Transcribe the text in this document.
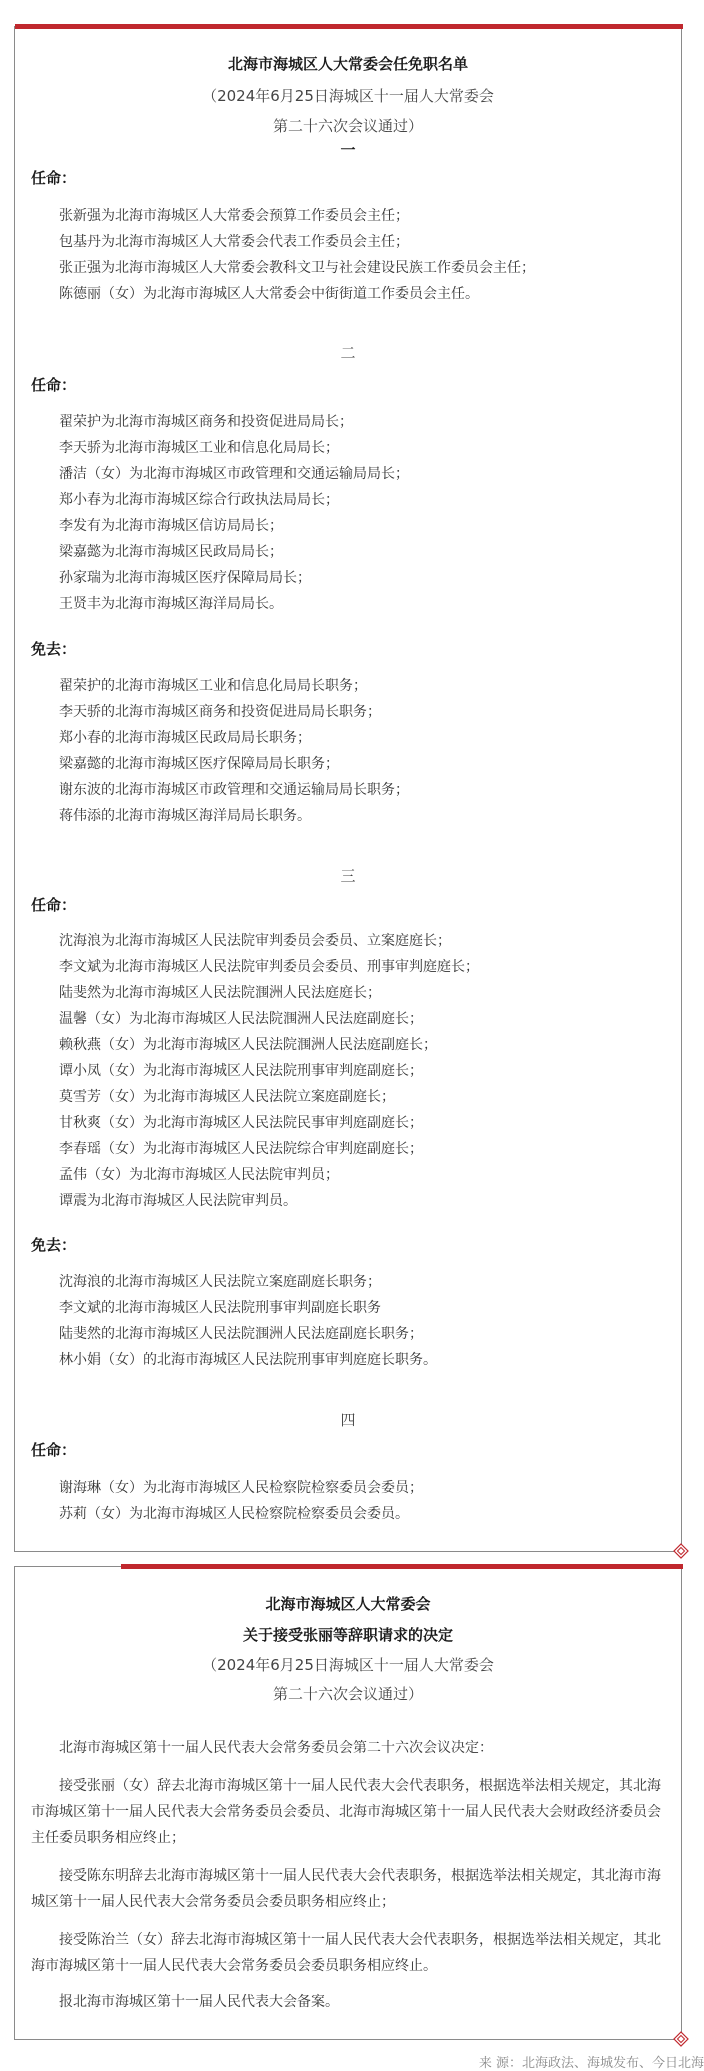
北海市海城区人大常委会任免职名单
（2024年6月25日海城区十一届人大常委会
第二十六次会议通过）
一
任命：
张新强为北海市海城区人大常委会预算工作委员会主任；
包基丹为北海市海城区人大常委会代表工作委员会主任；
张正强为北海市海城区人大常委会教科文卫与社会建设民族工作委员会主任；
陈德丽（女）为北海市海城区人大常委会中街街道工作委员会主任。
二
任命：
翟荣护为北海市海城区商务和投资促进局局长；
李天骄为北海市海城区工业和信息化局局长；
潘洁（女）为北海市海城区市政管理和交通运输局局长；
郑小春为北海市海城区综合行政执法局局长；
李发有为北海市海城区信访局局长；
梁嘉懿为北海市海城区民政局局长；
孙家瑞为北海市海城区医疗保障局局长；
王贤丰为北海市海城区海洋局局长。
免去：
翟荣护的北海市海城区工业和信息化局局长职务；
李天骄的北海市海城区商务和投资促进局局长职务；
郑小春的北海市海城区民政局局长职务；
梁嘉懿的北海市海城区医疗保障局局长职务；
谢东波的北海市海城区市政管理和交通运输局局长职务；
蒋伟添的北海市海城区海洋局局长职务。
三
任命：
沈海浪为北海市海城区人民法院审判委员会委员、立案庭庭长；
李文斌为北海市海城区人民法院审判委员会委员、刑事审判庭庭长；
陆斐然为北海市海城区人民法院涠洲人民法庭庭长；
温馨（女）为北海市海城区人民法院涠洲人民法庭副庭长；
赖秋燕（女）为北海市海城区人民法院涠洲人民法庭副庭长；
谭小凤（女）为北海市海城区人民法院刑事审判庭副庭长；
莫雪芳（女）为北海市海城区人民法院立案庭副庭长；
甘秋爽（女）为北海市海城区人民法院民事审判庭副庭长；
李春瑶（女）为北海市海城区人民法院综合审判庭副庭长；
孟伟（女）为北海市海城区人民法院审判员；
谭震为北海市海城区人民法院审判员。
免去：
沈海浪的北海市海城区人民法院立案庭副庭长职务；
李文斌的北海市海城区人民法院刑事审判副庭长职务
陆斐然的北海市海城区人民法院涠洲人民法庭副庭长职务；
林小娟（女）的北海市海城区人民法院刑事审判庭庭长职务。
四
任命：
谢海琳（女）为北海市海城区人民检察院检察委员会委员；
苏莉（女）为北海市海城区人民检察院检察委员会委员。
北海市海城区人大常委会
关于接受张丽等辞职请求的决定
（2024年6月25日海城区十一届人大常委会
第二十六次会议通过）
北海市海城区第十一届人民代表大会常务委员会第二十六次会议决定：
接受张丽（女）辞去北海市海城区第十一届人民代表大会代表职务，根据选举法相关规定，其北海市海城区第十一届人民代表大会常务委员会委员、北海市海城区第十一届人民代表大会财政经济委员会主任委员职务相应终止；
接受陈东明辞去北海市海城区第十一届人民代表大会代表职务，根据选举法相关规定，其北海市海城区第十一届人民代表大会常务委员会委员职务相应终止；
接受陈治兰（女）辞去北海市海城区第十一届人民代表大会代表职务，根据选举法相关规定，其北海市海城区第十一届人民代表大会常务委员会委员职务相应终止。
报北海市海城区第十一届人民代表大会备案。
来 源：北海政法、海城发布、今日北海
